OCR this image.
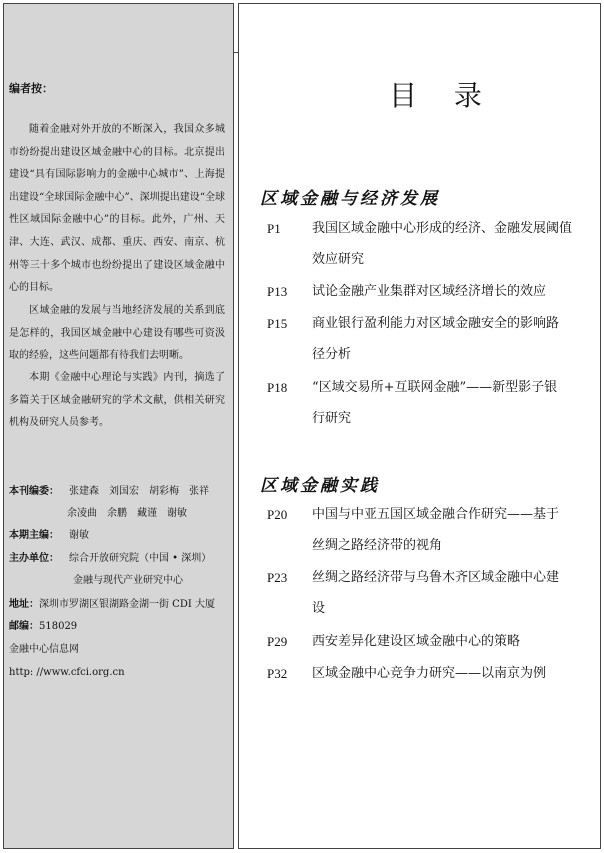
编者按：

随着金融对外开放的不断深入，我国众多城市纷纷提出建设区域金融中心的目标。北京提出建设“具有国际影响力的金融中心城市”、上海提出建设“全球国际金融中心”、深圳提出建设“全球性区域国际金融中心”的目标。此外，广州、天津、大连、武汉、成都、重庆、西安、南京、杭州等三十多个城市也纷纷提出了建设区域金融中心的目标。

区域金融的发展与当地经济发展的关系到底是怎样的，我国区域金融中心建设有哪些可资汲取的经验，这些问题都有待我们去明晰。

本期《金融中心理论与实践》内刊，摘选了多篇关于区域金融研究的学术文献，供相关研究机构及研究人员参考。

本刊编委： 张建森　刘国宏　胡彩梅　张祥
余凌曲　余鹏　藏谨　谢敏
本期主编： 谢敏
主办单位： 综合开放研究院（中国 • 深圳）
金融与现代产业研究中心
地址：深圳市罗湖区银湖路金湖一街 CDI 大厦
邮编：518029
金融中心信息网
http: //www.cfci.org.cn
目 录
区域金融与经济发展
P1 我国区域金融中心形成的经济、金融发展阈值
效应研究
P13 试论金融产业集群对区域经济增长的效应
P15 商业银行盈利能力对区域金融安全的影响路
径分析
P18 “区域交易所+互联网金融”——新型影子银
行研究
区域金融实践
P20 中国与中亚五国区域金融合作研究——基于
丝绸之路经济带的视角
P23 丝绸之路经济带与乌鲁木齐区域金融中心建
设
P29 西安差异化建设区域金融中心的策略
P32 区域金融中心竞争力研究——以南京为例
